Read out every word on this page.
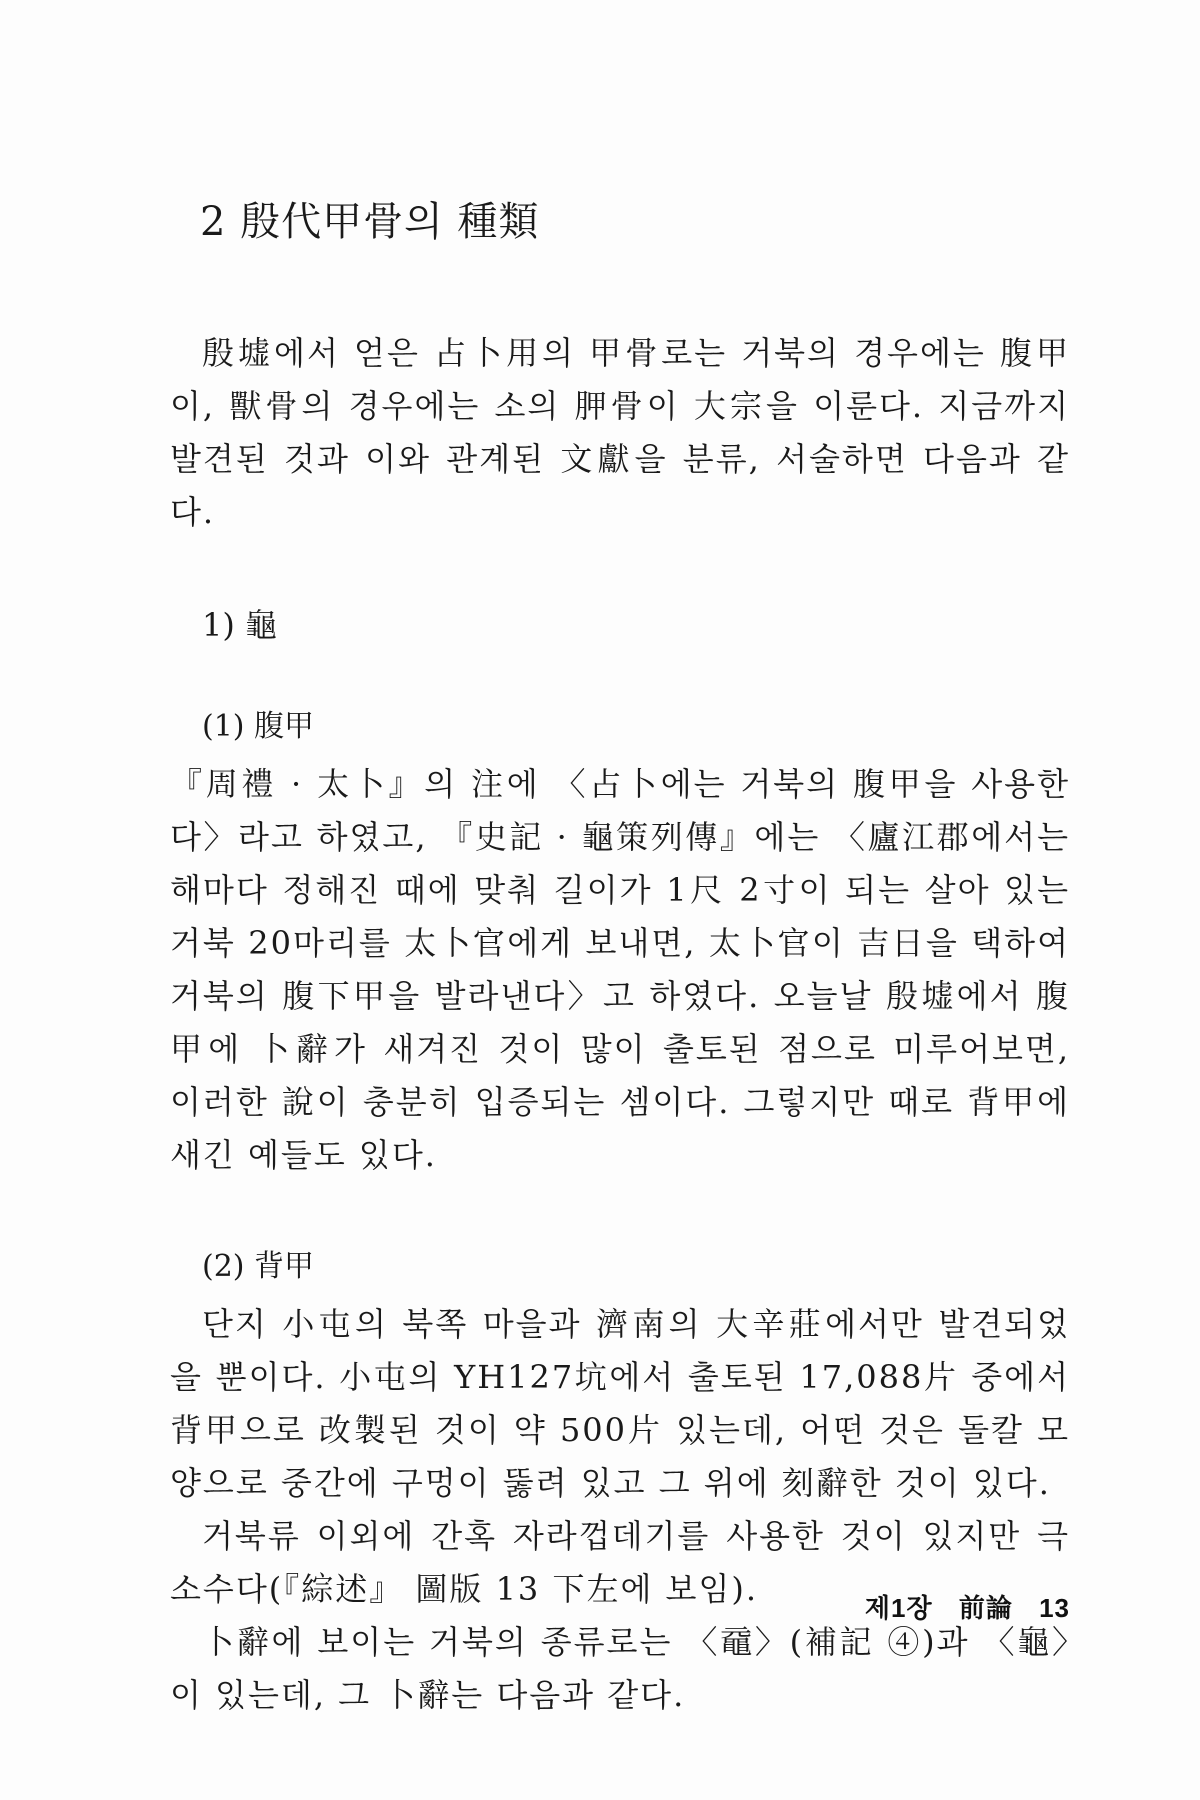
2 殷代甲骨의 種類

殷墟에서 얻은 占卜用의 甲骨로는 거북의 경우에는 腹甲이, 獸骨의 경우에는 소의 胛骨이 大宗을 이룬다. 지금까지 발견된 것과 이와 관계된 文獻을 분류, 서술하면 다음과 같다.

1) 龜
(1) 腹甲

『周禮 · 太卜』의 注에 〈占卜에는 거북의 腹甲을 사용한다〉라고 하였고, 『史記 · 龜策列傳』에는 〈廬江郡에서는 해마다 정해진 때에 맞춰 길이가 1尺 2寸이 되는 살아 있는 거북 20마리를 太卜官에게 보내면, 太卜官이 吉日을 택하여 거북의 腹下甲을 발라낸다〉고 하였다. 오늘날 殷墟에서 腹甲에 卜辭가 새겨진 것이 많이 출토된 점으로 미루어보면, 이러한 說이 충분히 입증되는 셈이다. 그렇지만 때로 背甲에 새긴 예들도 있다.

(2) 背甲

단지 小屯의 북쪽 마을과 濟南의 大辛莊에서만 발견되었을 뿐이다. 小屯의 YH127坑에서 출토된 17,088片 중에서 背甲으로 改製된 것이 약 500片 있는데, 어떤 것은 돌칼 모양으로 중간에 구멍이 뚫려 있고 그 위에 刻辭한 것이 있다.

거북류 이외에 간혹 자라껍데기를 사용한 것이 있지만 극소수다(『綜述』 圖版 13 下左에 보임).

卜辭에 보이는 거북의 종류로는 〈黿〉(補記 ④)과 〈龜〉이 있는데, 그 卜辭는 다음과 같다.

제1장 前論 13
